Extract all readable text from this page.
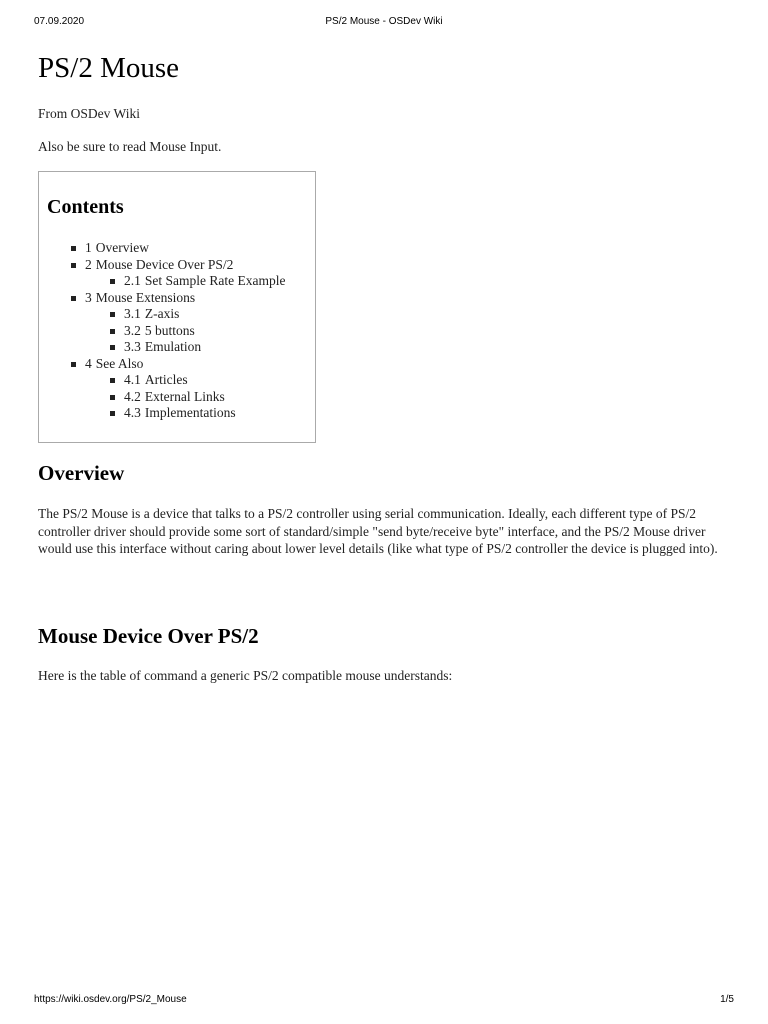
07.09.2020	PS/2 Mouse - OSDev Wiki
PS/2 Mouse
From OSDev Wiki
Also be sure to read Mouse Input.
Contents
1 Overview
2 Mouse Device Over PS/2
2.1 Set Sample Rate Example
3 Mouse Extensions
3.1 Z-axis
3.2 5 buttons
3.3 Emulation
4 See Also
4.1 Articles
4.2 External Links
4.3 Implementations
Overview

The PS/2 Mouse is a device that talks to a PS/2 controller using serial communication. Ideally, each different type of PS/2 controller driver should provide some sort of standard/simple "send byte/receive byte" interface, and the PS/2 Mouse driver would use this interface without caring about lower level details (like what type of PS/2 controller the device is plugged into).

Mouse Device Over PS/2

Here is the table of command a generic PS/2 compatible mouse understands:

https://wiki.osdev.org/PS/2_Mouse	1/5
